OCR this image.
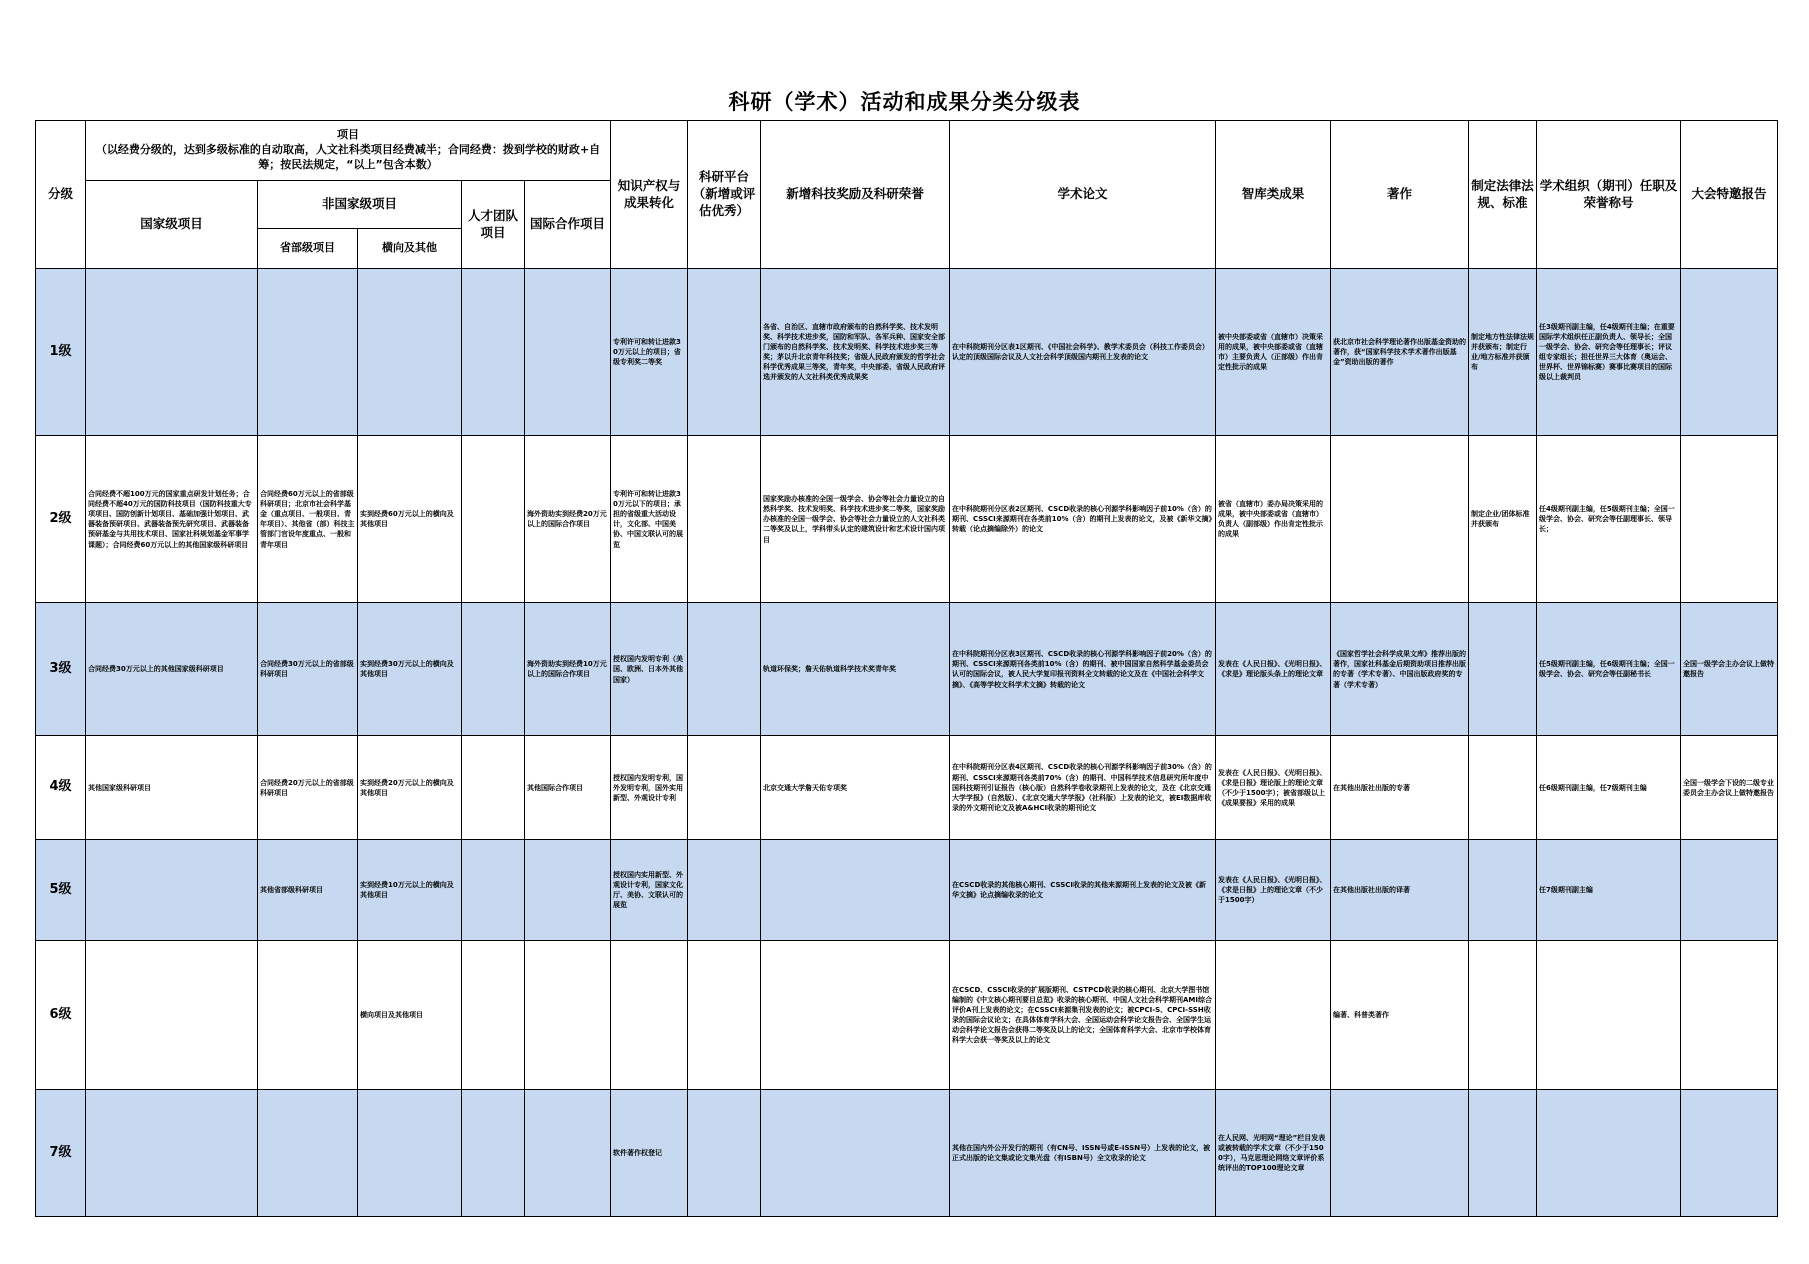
科研（学术）活动和成果分类分级表
分级	项目
（以经费分级的，达到多级标准的自动取高，人文社科类项目经费减半；合同经费：拨到学校的财政+自筹；按民法规定，“以上”包含本数）					知识产权与成果转化	科研平台（新增或评估优秀）	新增科技奖励及科研荣誉	学术论文	智库类成果	著作	制定法律法规、标准	学术组织（期刊）任职及荣誉称号	大会特邀报告
	国家级项目	非国家级项目		人才团队项目	国际合作项目									
		省部级项目	横向及其他											
1级						专利许可和转让进款30万元以上的项目；省级专利奖二等奖		各省、自治区、直辖市政府颁布的自然科学奖、技术发明奖、科学技术进步奖，国防和军队、各军兵种、国家安全部门颁布的自然科学奖、技术发明奖、科学技术进步奖三等奖；茅以升北京青年科技奖；省级人民政府颁发的哲学社会科学优秀成果三等奖，青年奖，中央部委、省级人民政府评选并颁发的人文社科类优秀成果奖	在中科院期刊分区表1区期刊、《中国社会科学》、教学术委员会（科技工作委员会）认定的顶级国际会议及人文社会科学顶级国内期刊上发表的论文	被中央部委或省（直辖市）决策采用的成果，被中央部委或省（直辖市）主要负责人（正部级）作出肯定性批示的成果	获北京市社会科学理论著作出版基金资助的著作，获“国家科学技术学术著作出版基金”资助出版的著作	制定地方性法律法规并获颁布；制定行业/地方标准并获颁布	任3级期刊副主编，任4级期刊主编；在重要国际学术组织任正副负责人、领导长；全国一级学会、协会、研究会等任理事长；评议组专家组长；担任世界三大体育（奥运会、世界杯、世界锦标赛）赛事比赛项目的国际级以上裁判员	
2级	合同经费不超100万元的国家重点研发计划任务；合同经费不超40万元的国防科技项目（国防科技重大专项项目、国防创新计划项目、基础加强计划项目、武器装备预研项目、武器装备预先研究项目、武器装备预研基金与共用技术项目、国家社科规划基金军事学课题）；合同经费60万元以上的其他国家级科研项目	合同经费60万元以上的省部级科研项目；北京市社会科学基金（重点项目、一般项目、青年项目）、其他省（部）科技主管部门官设年度重点、一般和青年项目	实到经费60万元以上的横向及其他项目		海外资助实到经费20万元以上的国际合作项目	专利许可和转让进款30万元以下的项目；承担的省级重大活动设计，文化部、中国美协、中国文联认可的展览		国家奖励办核准的全国一级学会、协会等社会力量设立的自然科学奖、技术发明奖、科学技术进步奖二等奖，国家奖励办核准的全国一级学会、协会等社会力量设立的人文社科类二等奖及以上，学科带头认定的建筑设计和艺术设计国内项目	在中科院期刊分区表2区期刊、CSCD收录的核心刊源学科影响因子前10%（含）的期刊、CSSCI来源期刊在各类前10%（含）的期刊上发表的论文，及被《新华文摘》转载（论点摘编除外）的论文	被省（直辖市）委办局决策采用的成果，被中央部委或省（直辖市）负责人（副部级）作出肯定性批示的成果		制定企业/团体标准并获颁布	任4级期刊副主编，任5级期刊主编；全国一级学会、协会、研究会等任副理事长、领导长；	
3级	合同经费30万元以上的其他国家级科研项目	合同经费30万元以上的省部级科研项目	实到经费30万元以上的横向及其他项目		海外资助实到经费10万元以上的国际合作项目	授权国内发明专利（美国、欧洲、日本外其他国家）		轨道环保奖；詹天佑轨道科学技术奖青年奖	在中科院期刊分区表3区期刊、CSCD收录的核心刊源学科影响因子前20%（含）的期刊、CSSCI来源期刊各类前10%（含）的期刊、被中国国家自然科学基金委员会认可的国际会议，被人民大学复印报刊资料全文转载的论文及在《中国社会科学文摘》、《高等学校文科学术文摘》转载的论文	发表在《人民日报》、《光明日报》、《求是》理论版头条上的理论文章	《国家哲学社会科学成果文库》推荐出版的著作，国家社科基金后期资助项目推荐出版的专著（学术专著）、中国出版政府奖的专著（学术专著）		任5级期刊副主编，任6级期刊主编；全国一级学会、协会、研究会等任副秘书长	全国一级学会主办会议上做特邀报告
4级	其他国家级科研项目	合同经费20万元以上的省部级科研项目	实到经费20万元以上的横向及其他项目		其他国际合作项目	授权国内发明专利，国外发明专利，国外实用新型、外观设计专利		北京交通大学詹天佑专项奖	在中科院期刊分区表4区期刊、CSCD收录的核心刊源学科影响因子前30%（含）的期刊、CSSCI来源期刊各类前70%（含）的期刊、中国科学技术信息研究所年度中国科技期刊引证报告（核心版）自然科学卷收录期刊上发表的论文，及在《北京交通大学学报》（自然版）、《北京交通大学学报》（社科版）上发表的论文，被EI数据库收录的外文期刊论文及被A&HCI收录的期刊论文	发表在《人民日报》、《光明日报》、《求是日报》理论版上的理论文章（不少于1500字）；被省部级以上《成果要报》采用的成果	在其他出版社出版的专著		任6级期刊副主编，任7级期刊主编	全国一级学会下设的二级专业委员会主办会议上做特邀报告
5级		其他省部级科研项目	实到经费10万元以上的横向及其他项目			授权国内实用新型、外观设计专利，国家文化厅、美协、文联认可的展览			在CSCD收录的其他核心期刊、CSSCI收录的其他来源期刊上发表的论文及被《新华文摘》论点摘编收录的论文	发表在《人民日报》、《光明日报》、《求是日报》上的理论文章（不少于1500字）	在其他出版社出版的译著		任7级期刊副主编	
6级			横向项目及其他项目						在CSCD、CSSCI收录的扩展版期刊、CSTPCD收录的核心期刊、北京大学图书馆编制的《中文核心期刊要目总览》收录的核心期刊、中国人文社会科学期刊AMI综合评价A刊上发表的论文；在CSSCI来源集刊发表的论文；被CPCI-S、CPCI-SSH收录的国际会议论文；在具体体育学科大会、全国运动会科学论文报告会、全国学生运动会科学论文报告会获得二等奖及以上的论文；全国体育科学大会、北京市学校体育科学大会获一等奖及以上的论文		编著、科普类著作			
7级						软件著作权登记			其他在国内外公开发行的期刊（有CN号、ISSN号或E-ISSN号）上发表的论文，被正式出版的论文集或论文集光盘（有ISBN号）全文收录的论文	在人民网、光明网“理论”栏目发表或被转载的学术文章（不少于1500字），马克思理论网络文章评价系统评出的TOP100理论文章				
